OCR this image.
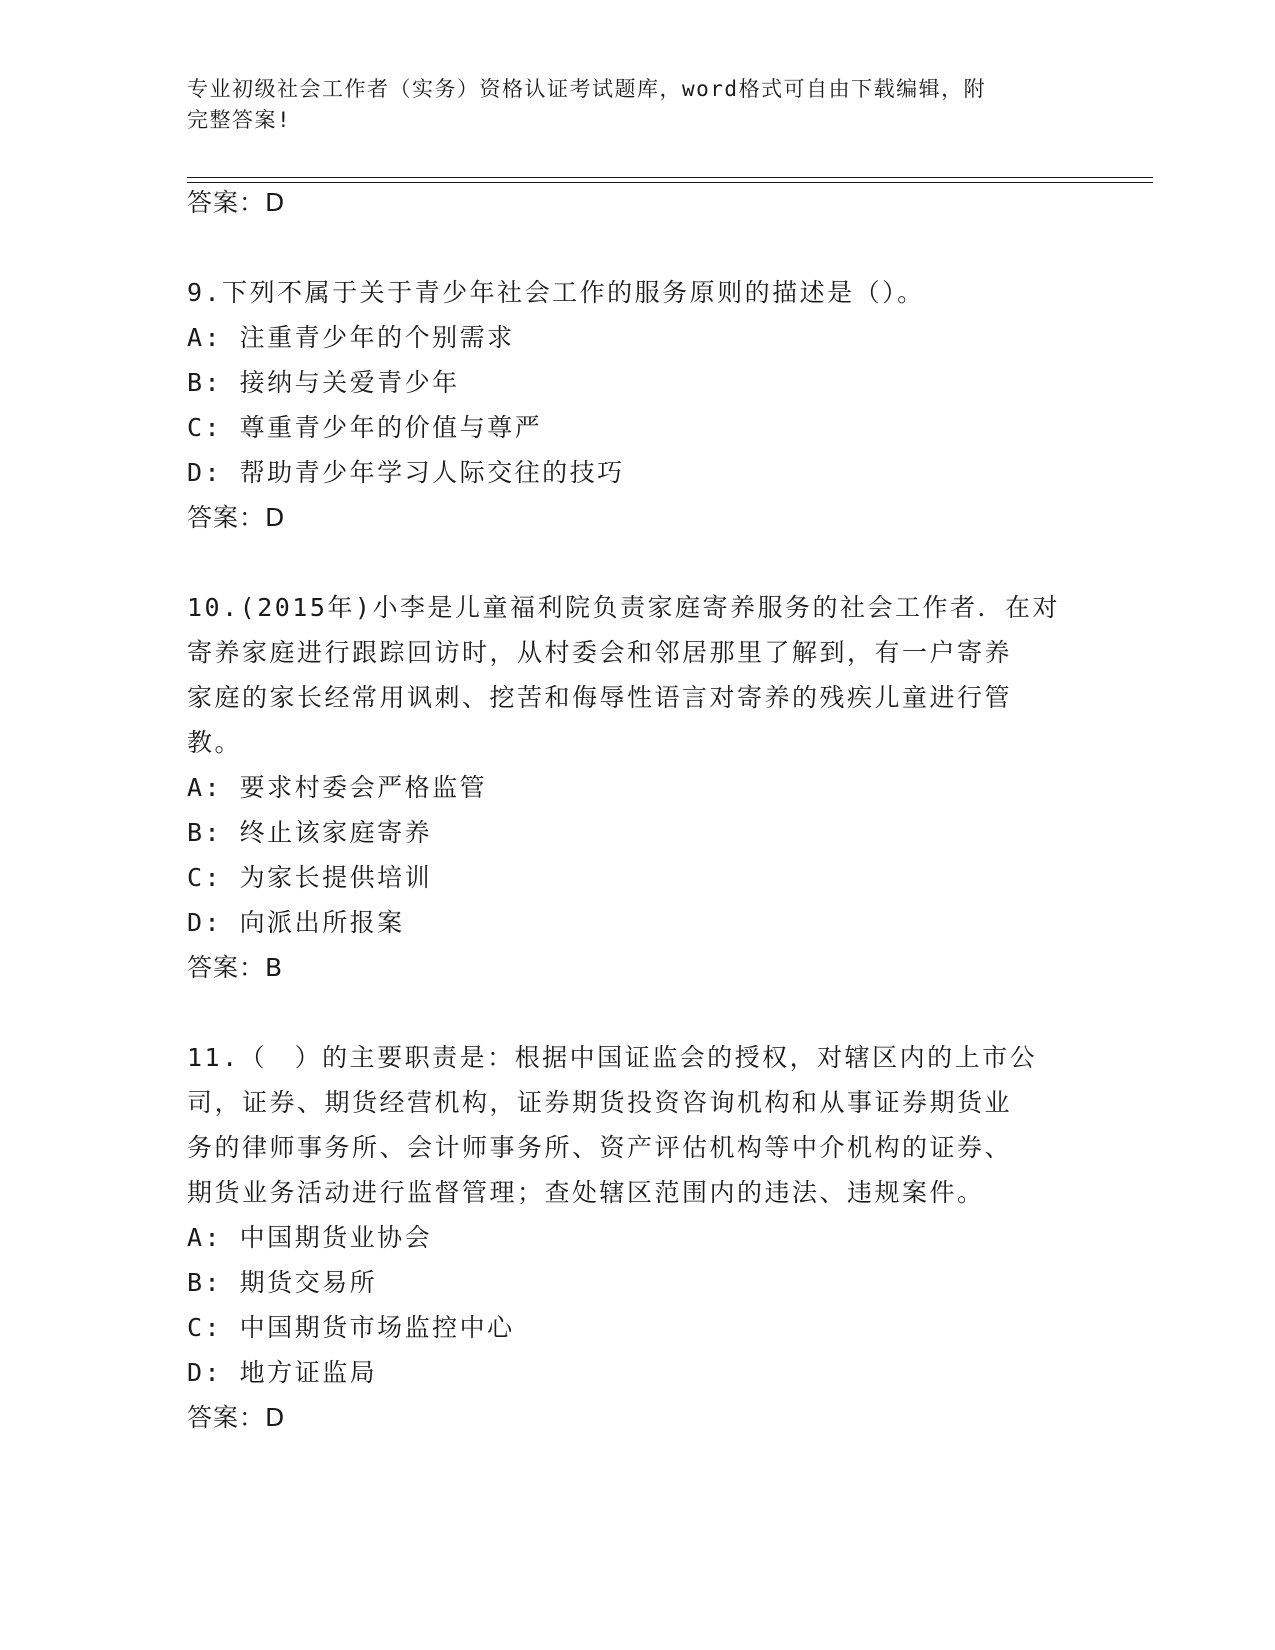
专业初级社会工作者（实务）资格认证考试题库，word格式可自由下载编辑，附
完整答案!

答案：D

9.下列不属于关于青少年社会工作的服务原则的描述是（）。

A: 注重青少年的个别需求

B: 接纳与关爱青少年

C: 尊重青少年的价值与尊严

D: 帮助青少年学习人际交往的技巧

答案：D

10.(2015年)小李是儿童福利院负责家庭寄养服务的社会工作者．在对

寄养家庭进行跟踪回访时，从村委会和邻居那里了解到，有一户寄养

家庭的家长经常用讽刺、挖苦和侮辱性语言对寄养的残疾儿童进行管

教。

A: 要求村委会严格监管

B: 终止该家庭寄养

C: 为家长提供培训

D: 向派出所报案

答案：B

11.（　）的主要职责是：根据中国证监会的授权，对辖区内的上市公

司，证券、期货经营机构，证券期货投资咨询机构和从事证券期货业

务的律师事务所、会计师事务所、资产评估机构等中介机构的证券、

期货业务活动进行监督管理；查处辖区范围内的违法、违规案件。

A: 中国期货业协会

B: 期货交易所

C: 中国期货市场监控中心

D: 地方证监局

答案：D
